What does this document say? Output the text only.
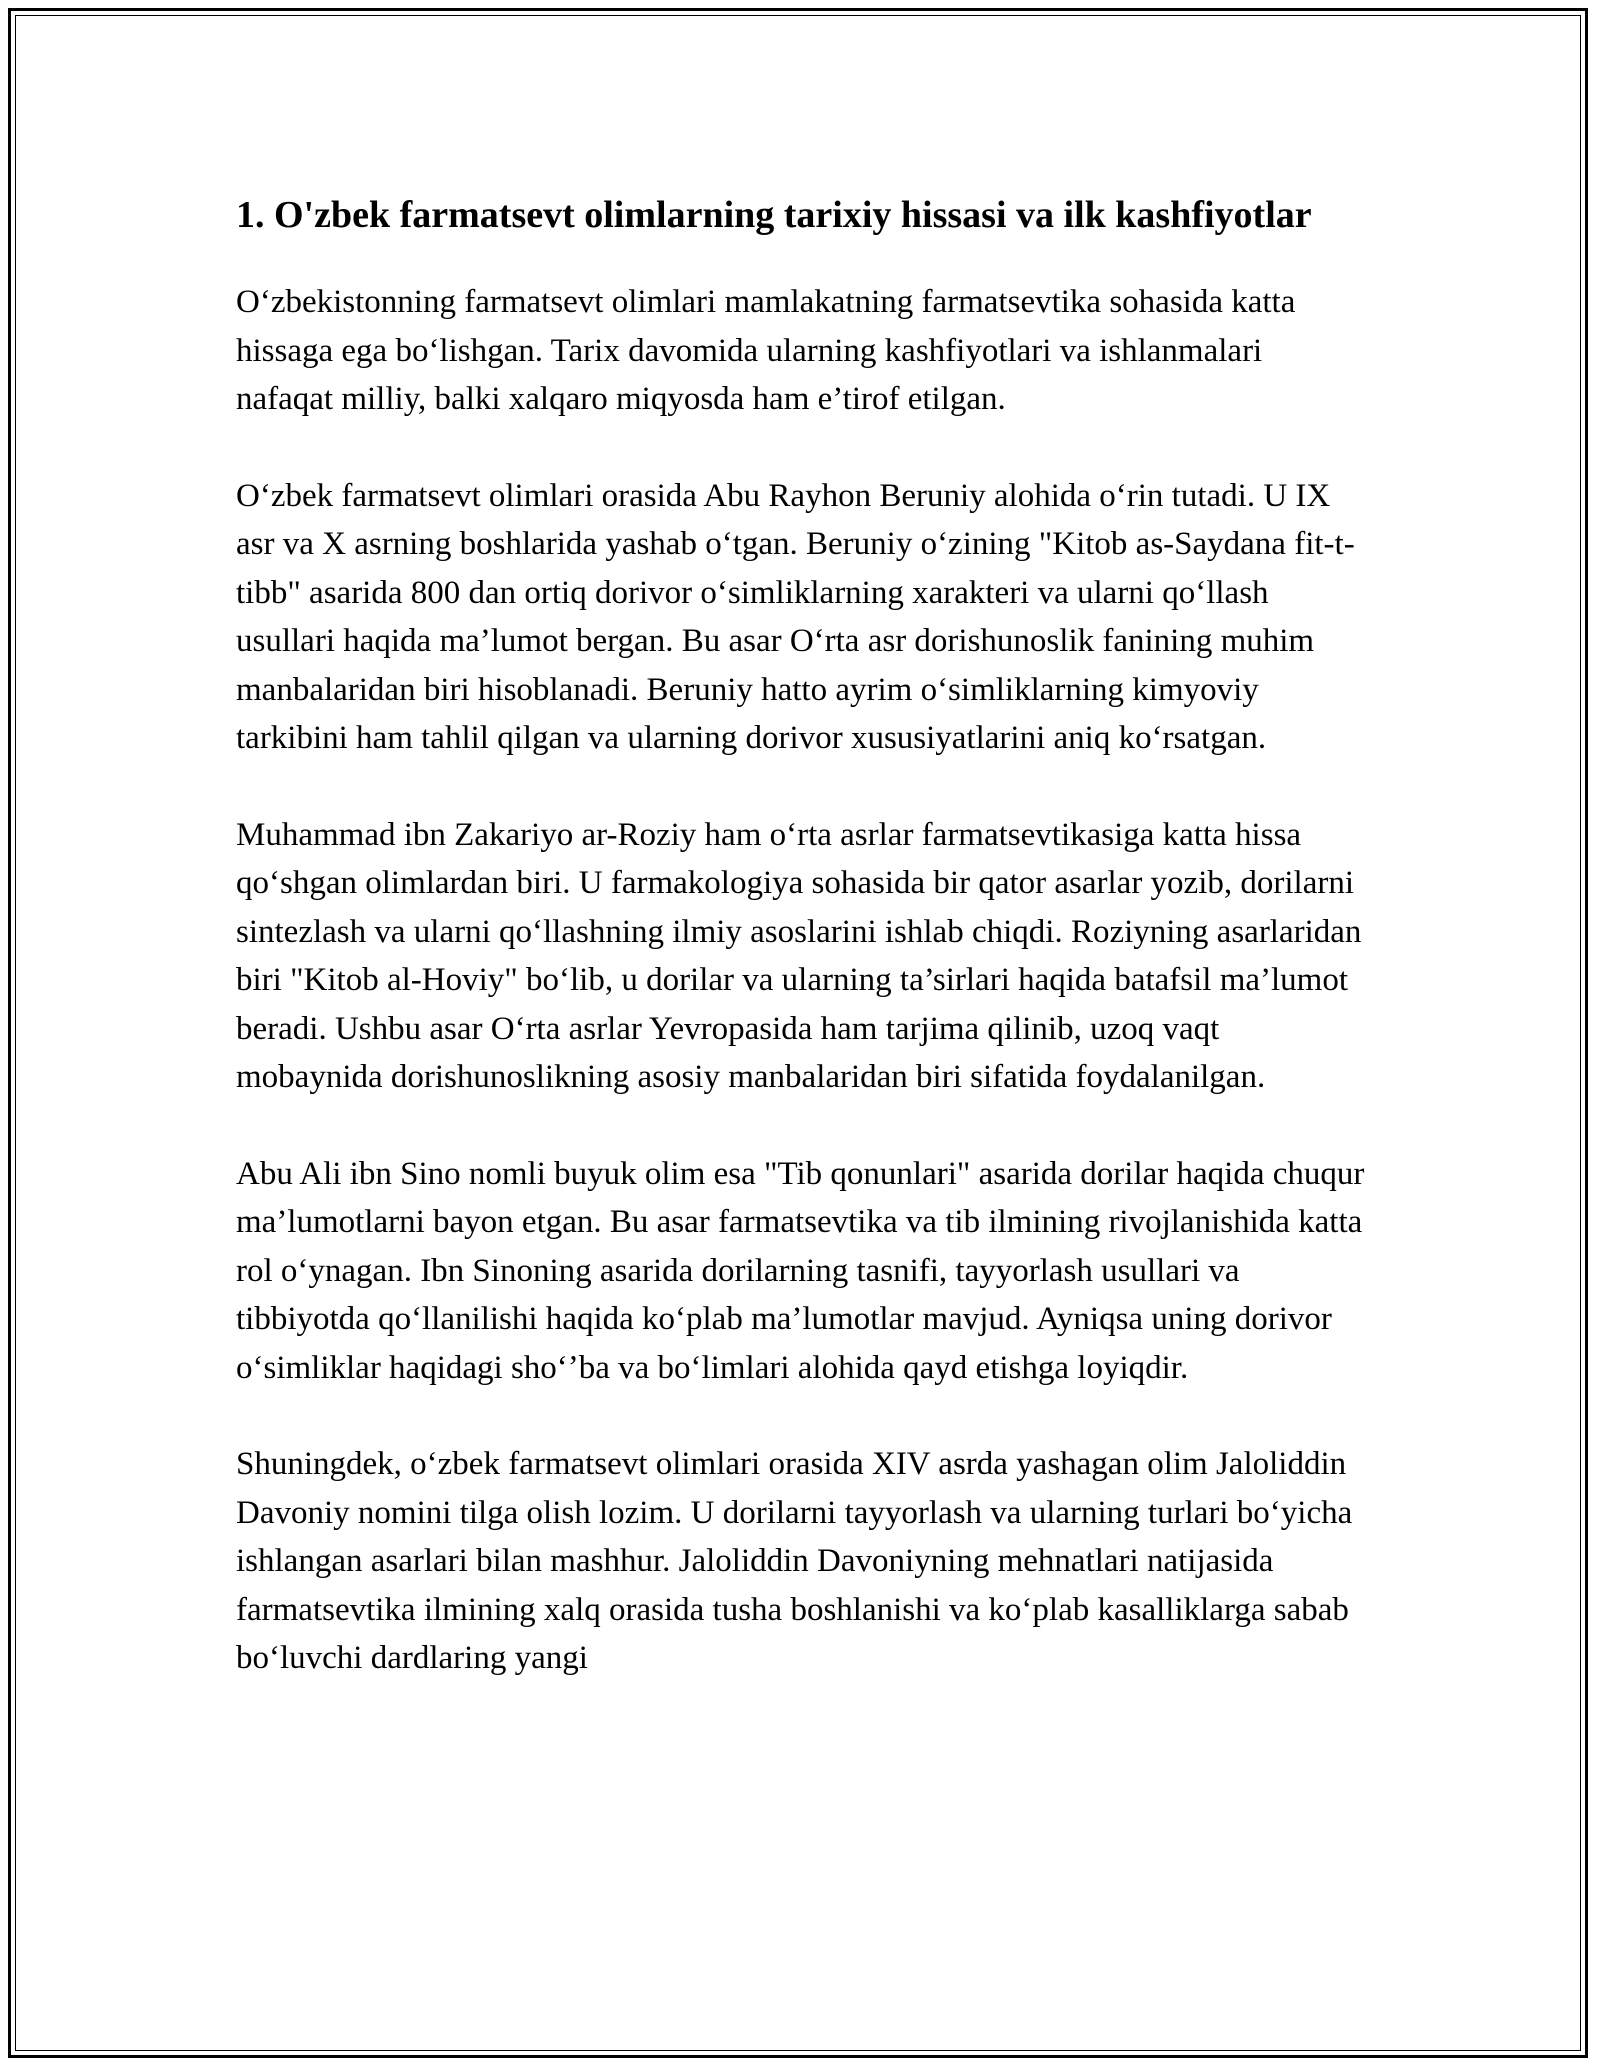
1. O'zbek farmatsevt olimlarning tarixiy hissasi va ilk kashfiyotlar

Oʻzbekistonning farmatsevt olimlari mamlakatning farmatsevtika sohasida katta hissaga ega boʻlishgan. Tarix davomida ularning kashfiyotlari va ishlanmalari nafaqat milliy, balki xalqaro miqyosda ham e’tirof etilgan.

Oʻzbek farmatsevt olimlari orasida Abu Rayhon Beruniy alohida oʻrin tutadi. U IX asr va X asrning boshlarida yashab oʻtgan. Beruniy oʻzining "Kitob as-Saydana fit-t-tibb" asarida 800 dan ortiq dorivor oʻsimliklarning xarakteri va ularni qoʻllash usullari haqida ma’lumot bergan. Bu asar Oʻrta asr dorishunoslik fanining muhim manbalaridan biri hisoblanadi. Beruniy hatto ayrim oʻsimliklarning kimyoviy tarkibini ham tahlil qilgan va ularning dorivor xususiyatlarini aniq koʻrsatgan.

Muhammad ibn Zakariyo ar-Roziy ham oʻrta asrlar farmatsevtikasiga katta hissa qoʻshgan olimlardan biri. U farmakologiya sohasida bir qator asarlar yozib, dorilarni sintezlash va ularni qoʻllashning ilmiy asoslarini ishlab chiqdi. Roziyning asarlaridan biri "Kitob al-Hoviy" boʻlib, u dorilar va ularning ta’sirlari haqida batafsil ma’lumot beradi. Ushbu asar Oʻrta asrlar Yevropasida ham tarjima qilinib, uzoq vaqt mobaynida dorishunoslikning asosiy manbalaridan biri sifatida foydalanilgan.

Abu Ali ibn Sino nomli buyuk olim esa "Tib qonunlari" asarida dorilar haqida chuqur ma’lumotlarni bayon etgan. Bu asar farmatsevtika va tib ilmining rivojlanishida katta rol oʻynagan. Ibn Sinoning asarida dorilarning tasnifi, tayyorlash usullari va tibbiyotda qoʻllanilishi haqida koʻplab ma’lumotlar mavjud. Ayniqsa uning dorivor oʻsimliklar haqidagi shoʻʼba va boʻlimlari alohida qayd etishga loyiqdir.

Shuningdek, oʻzbek farmatsevt olimlari orasida XIV asrda yashagan olim Jaloliddin Davoniy nomini tilga olish lozim. U dorilarni tayyorlash va ularning turlari boʻyicha ishlangan asarlari bilan mashhur. Jaloliddin Davoniyning mehnatlari natijasida farmatsevtika ilmining xalq orasida tusha boshlanishi va koʻplab kasalliklarga sabab boʻluvchi dardlaring yangi
